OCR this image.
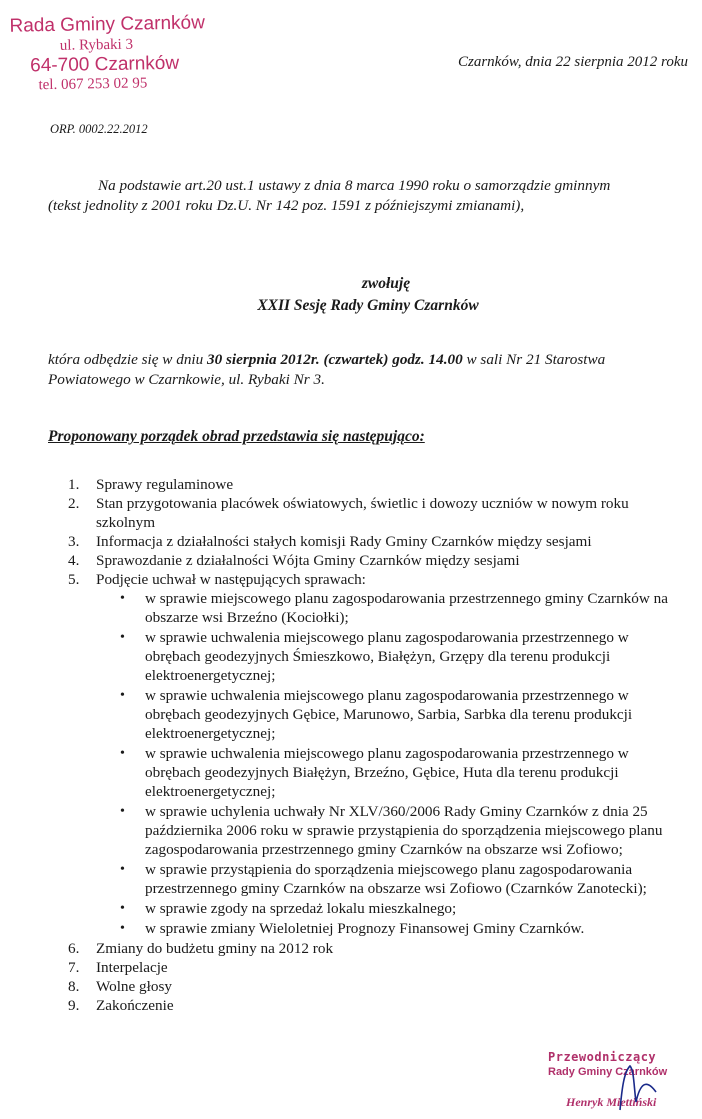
Rada Gminy Czarnków
ul. Rybaki 3
64-700 Czarnków
tel. 067 253 02 95
Czarnków, dnia 22 sierpnia 2012 roku
ORP. 0002.22.2012
Na podstawie art.20 ust.1 ustawy z dnia 8 marca 1990 roku o samorządzie gminnym
(tekst jednolity z 2001 roku Dz.U. Nr 142 poz. 1591 z późniejszymi zmianami),
zwołuję
XXII Sesję Rady Gminy Czarnków
która odbędzie się w dniu 30 sierpnia 2012r. (czwartek) godz. 14.00 w sali Nr 21 Starostwa
Powiatowego w Czarnkowie, ul. Rybaki Nr 3.
Proponowany porządek obrad przedstawia się następująco:
1. Sprawy regulaminowe
2. Stan przygotowania placówek oświatowych, świetlic i dowozy uczniów w nowym roku szkolnym
3. Informacja z działalności stałych komisji Rady Gminy Czarnków między sesjami
4. Sprawozdanie z działalności Wójta Gminy Czarnków między sesjami
5. Podjęcie uchwał w następujących sprawach:
• w sprawie miejscowego planu zagospodarowania przestrzennego gminy Czarnków na obszarze wsi Brzeźno (Kociołki);
• w sprawie uchwalenia miejscowego planu zagospodarowania przestrzennego w obrębach geodezyjnych Śmieszkowo, Białężyn, Grzępy dla terenu produkcji elektroenergetycznej;
• w sprawie uchwalenia miejscowego planu zagospodarowania przestrzennego w obrębach geodezyjnych Gębice, Marunowo, Sarbia, Sarbka dla terenu produkcji elektroenergetycznej;
• w sprawie uchwalenia miejscowego planu zagospodarowania przestrzennego w obrębach geodezyjnych Białężyn, Brzeźno, Gębice, Huta dla terenu produkcji elektroenergetycznej;
• w sprawie uchylenia uchwały Nr XLV/360/2006 Rady Gminy Czarnków z dnia 25 października 2006 roku w sprawie przystąpienia do sporządzenia miejscowego planu zagospodarowania przestrzennego gminy Czarnków na obszarze wsi Zofiowo;
• w sprawie przystąpienia do sporządzenia miejscowego planu zagospodarowania przestrzennego gminy Czarnków na obszarze wsi Zofiowo (Czarnków Zanotecki);
• w sprawie zgody na sprzedaż lokalu mieszkalnego;
• w sprawie zmiany Wieloletniej Prognozy Finansowej Gminy Czarnków.
6. Zmiany do budżetu gminy na 2012 rok
7. Interpelacje
8. Wolne głosy
9. Zakończenie
Przewodniczący
Rady Gminy Czarnków
Henryk Miettiński
